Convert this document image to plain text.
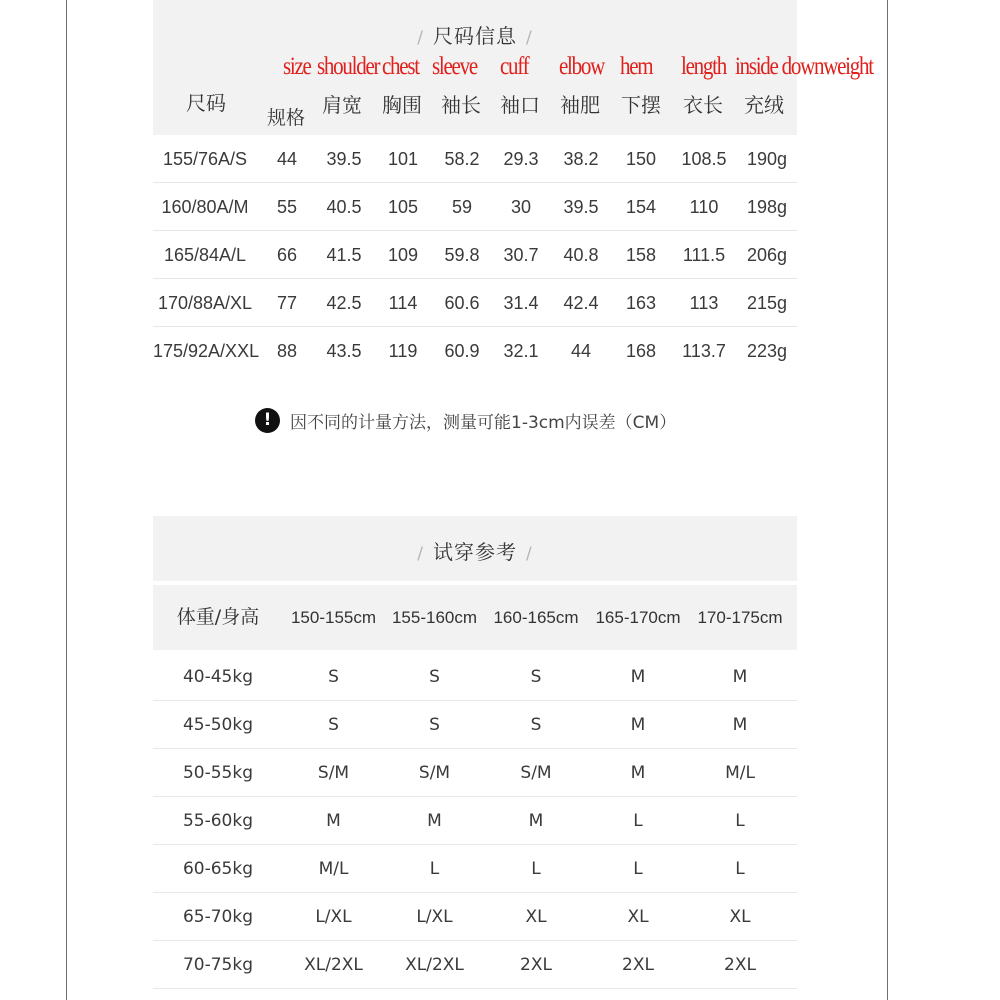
/ 尺码信息 /
size shoulder chest sleeve cuff elbow hem length inside downweight
尺码
规格
肩宽 胸围 袖长 袖口 袖肥 下摆 衣长 充绒
155/76A/S	44	39.5	101	58.2	29.3	38.2	150	108.5	190g
160/80A/M	55	40.5	105	59	30	39.5	154	110	198g
165/84A/L	66	41.5	109	59.8	30.7	40.8	158	111.5	206g
170/88A/XL	77	42.5	114	60.6	31.4	42.4	163	113	215g
175/92A/XXL 88	43.5	119	60.9	32.1	44	168	113.7	223g
!	因不同的计量方法，测量可能1-3cm内误差（CM）
/ 试穿参考 /
体重/身高	150-155cm 155-160cm 160-165cm 165-170cm 170-175cm
40-45kg	S	S	S	M	M
45-50kg	S	S	S	M	M
50-55kg	S/M	S/M	S/M	M	M/L
55-60kg	M	M	M	L	L
60-65kg	M/L	L	L	L	L
65-70kg	L/XL	L/XL	XL	XL	XL
70-75kg	XL/2XL	XL/2XL	2XL	2XL	2XL
